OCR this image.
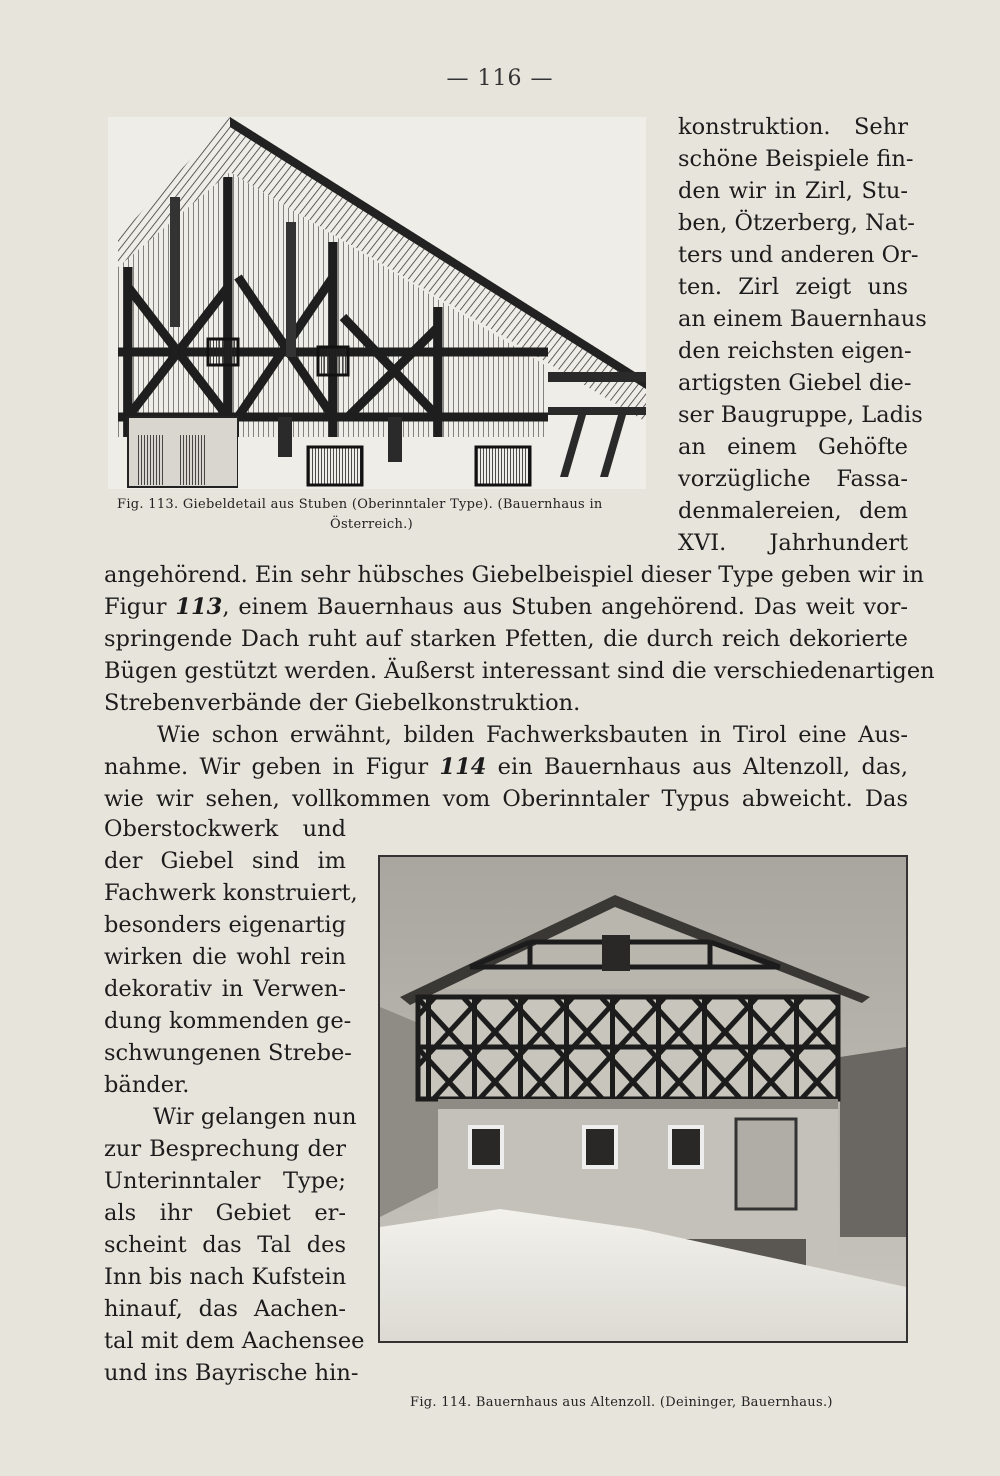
— 116 —
Fig. 113. Giebeldetail aus Stuben (Oberinntaler Type). (Bauernhaus in
Österreich.)
konstruktion. Sehr
schöne Beispiele fin-
den wir in Zirl, Stu-
ben, Ötzerberg, Nat-
ters und anderen Or-
ten. Zirl zeigt uns
an einem Bauernhaus
den reichsten eigen-
artigsten Giebel die-
ser Baugruppe, Ladis
an einem Gehöfte
vorzügliche Fassa-
denmalereien, dem
XVI. Jahrhundert
angehörend. Ein sehr hübsches Giebelbeispiel dieser Type geben wir in
Figur 113, einem Bauernhaus aus Stuben angehörend. Das weit vor-
springende Dach ruht auf starken Pfetten, die durch reich dekorierte
Bügen gestützt werden. Äußerst interessant sind die verschiedenartigen
Strebenverbände der Giebelkonstruktion.
Wie schon erwähnt, bilden Fachwerksbauten in Tirol eine Aus-
nahme. Wir geben in Figur 114 ein Bauernhaus aus Altenzoll, das,
wie wir sehen, vollkommen vom Oberinntaler Typus abweicht. Das
Oberstockwerk und
der Giebel sind im
Fachwerk konstruiert,
besonders eigenartig
wirken die wohl rein
dekorativ in Verwen-
dung kommenden ge-
schwungenen Strebe-
bänder.
Wir gelangen nun
zur Besprechung der
Unterinntaler Type;
als ihr Gebiet er-
scheint das Tal des
Inn bis nach Kufstein
hinauf, das Aachen-
tal mit dem Aachensee
und ins Bayrische hin-
Fig. 114. Bauernhaus aus Altenzoll. (Deininger, Bauernhaus.)
